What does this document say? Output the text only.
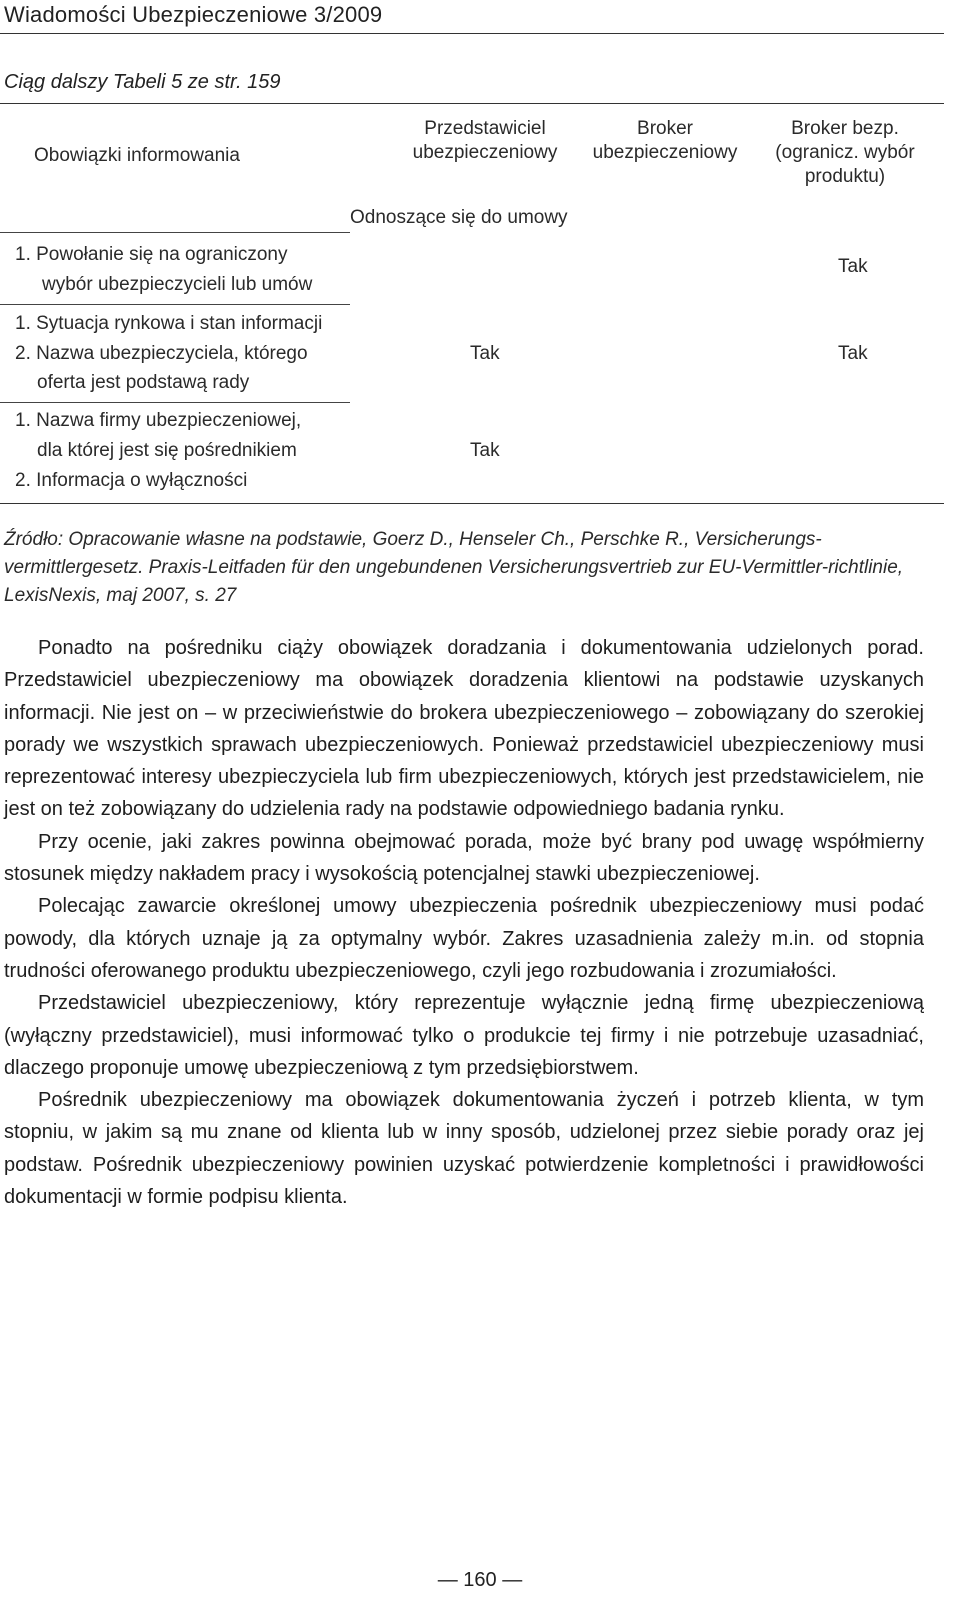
Wiadomości Ubezpieczeniowe 3/2009
Ciąg dalszy Tabeli 5 ze str. 159
Obowiązki informowania
Przedstawiciel
ubezpieczeniowy
Broker
ubezpieczeniowy
Broker bezp.
(ogranicz. wybór
produktu)
Odnoszące się do umowy
1. Powołanie się na ograniczony
wybór ubezpieczycieli lub umów
Tak
1. Sytuacja rynkowa i stan informacji
2. Nazwa ubezpieczyciela, którego
oferta jest podstawą rady
Tak	Tak
1. Nazwa firmy ubezpieczeniowej,
dla której jest się pośrednikiem
2. Informacja o wyłączności
Tak
Źródło: Opracowanie własne na podstawie, Goerz D., Henseler Ch., Perschke R., Versicherungs-vermittlergesetz. Praxis-Leitfaden für den ungebundenen Versicherungsvertrieb zur EU-Vermittler-richtlinie, LexisNexis, maj 2007, s. 27

Ponadto na pośredniku ciąży obowiązek doradzania i dokumentowania udzielonych porad. Przedstawiciel ubezpieczeniowy ma obowiązek doradzenia klientowi na podstawie uzyskanych informacji. Nie jest on – w przeciwieństwie do brokera ubezpieczeniowego – zobowiązany do szerokiej porady we wszystkich sprawach ubezpieczeniowych. Ponieważ przedstawiciel ubezpieczeniowy musi reprezentować interesy ubezpieczyciela lub firm ubezpieczeniowych, których jest przedstawicielem, nie jest on też zobowiązany do udzielenia rady na podstawie odpowiedniego badania rynku.

Przy ocenie, jaki zakres powinna obejmować porada, może być brany pod uwagę współmierny stosunek między nakładem pracy i wysokością potencjalnej stawki ubezpieczeniowej.

Polecając zawarcie określonej umowy ubezpieczenia pośrednik ubezpieczeniowy musi podać powody, dla których uznaje ją za optymalny wybór. Zakres uzasadnienia zależy m.in. od stopnia trudności oferowanego produktu ubezpieczeniowego, czyli jego rozbudowania i zrozumiałości.

Przedstawiciel ubezpieczeniowy, który reprezentuje wyłącznie jedną firmę ubezpieczeniową (wyłączny przedstawiciel), musi informować tylko o produkcie tej firmy i nie potrzebuje uzasadniać, dlaczego proponuje umowę ubezpieczeniową z tym przedsiębiorstwem.

Pośrednik ubezpieczeniowy ma obowiązek dokumentowania życzeń i potrzeb klienta, w tym stopniu, w jakim są mu znane od klienta lub w inny sposób, udzielonej przez siebie porady oraz jej podstaw. Pośrednik ubezpieczeniowy powinien uzyskać potwierdzenie kompletności i prawidłowości dokumentacji w formie podpisu klienta.

— 160 —
